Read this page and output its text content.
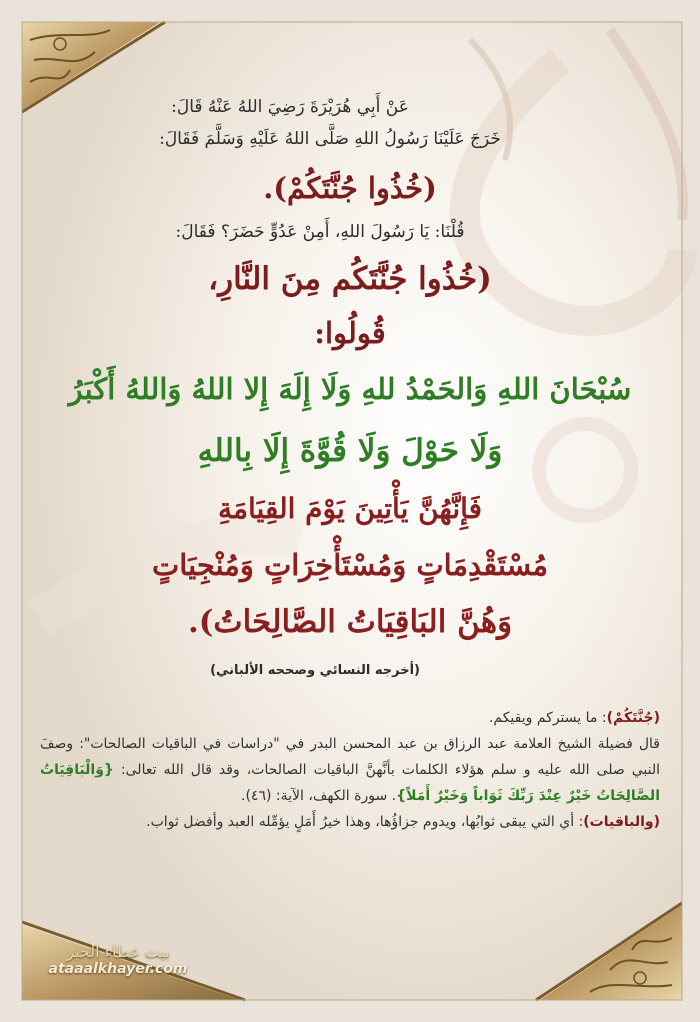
عَنْ أَبِي هُرَيْرَةَ رَضِيَ اللهُ عَنْهُ قَالَ:

خَرَجَ عَلَيْنَا رَسُولُ اللهِ صَلَّى اللهُ عَلَيْهِ وَسَلَّمَ فَقَالَ:

(خُذُوا جُنَّتَكُمْ).

قُلْنَا: يَا رَسُولَ اللهِ، أَمِنْ عَدُوٍّ حَضَرَ؟ فَقَالَ:

(خُذُوا جُنَّتَكُم مِنَ النَّارِ،

قُولُوا:

سُبْحَانَ اللهِ وَالحَمْدُ للهِ وَلَا إِلَهَ إِلا اللهُ وَاللهُ أَكْبَرُ

وَلَا حَوْلَ وَلَا قُوَّةَ إِلَا بِاللهِ

فَإِنَّهُنَّ يَأْتِينَ يَوْمَ القِيَامَةِ

مُسْتَقْدِمَاتٍ وَمُسْتَأْخِرَاتٍ وَمُنْجِيَاتٍ

وَهُنَّ البَاقِيَاتُ الصَّالِحَاتُ).

(أخرجه النسائي وصححه الألباني)

(جُنَّتَكُمْ): ما يستركم ويقيكم.

قال فضيلة الشيخ العلامة عبد الرزاق بن عبد المحسن البدر في "دراسات في الباقيات الصالحات": وصفَ النبي صلى الله عليه و سلم هؤلاء الكلمات بأنَّهنَّ الباقيات الصالحات، وقد قال الله تعالى: {وَالْبَاقِيَاتُ الصَّالِحَاتُ خَيْرٌ عِنْدَ رَبِّكَ ثَوَاباً وَخَيْرٌ أَمَلاً}. سورة الكهف، الآية: (٤٦).

(والباقيات): أي التي يبقى ثوابُها، ويدوم جزاؤُها، وهذا خيرُ أَمَلٍ يؤمِّله العبد وأفضل ثواب.

بيت عطاء الخير
ataaalkhayer.com
